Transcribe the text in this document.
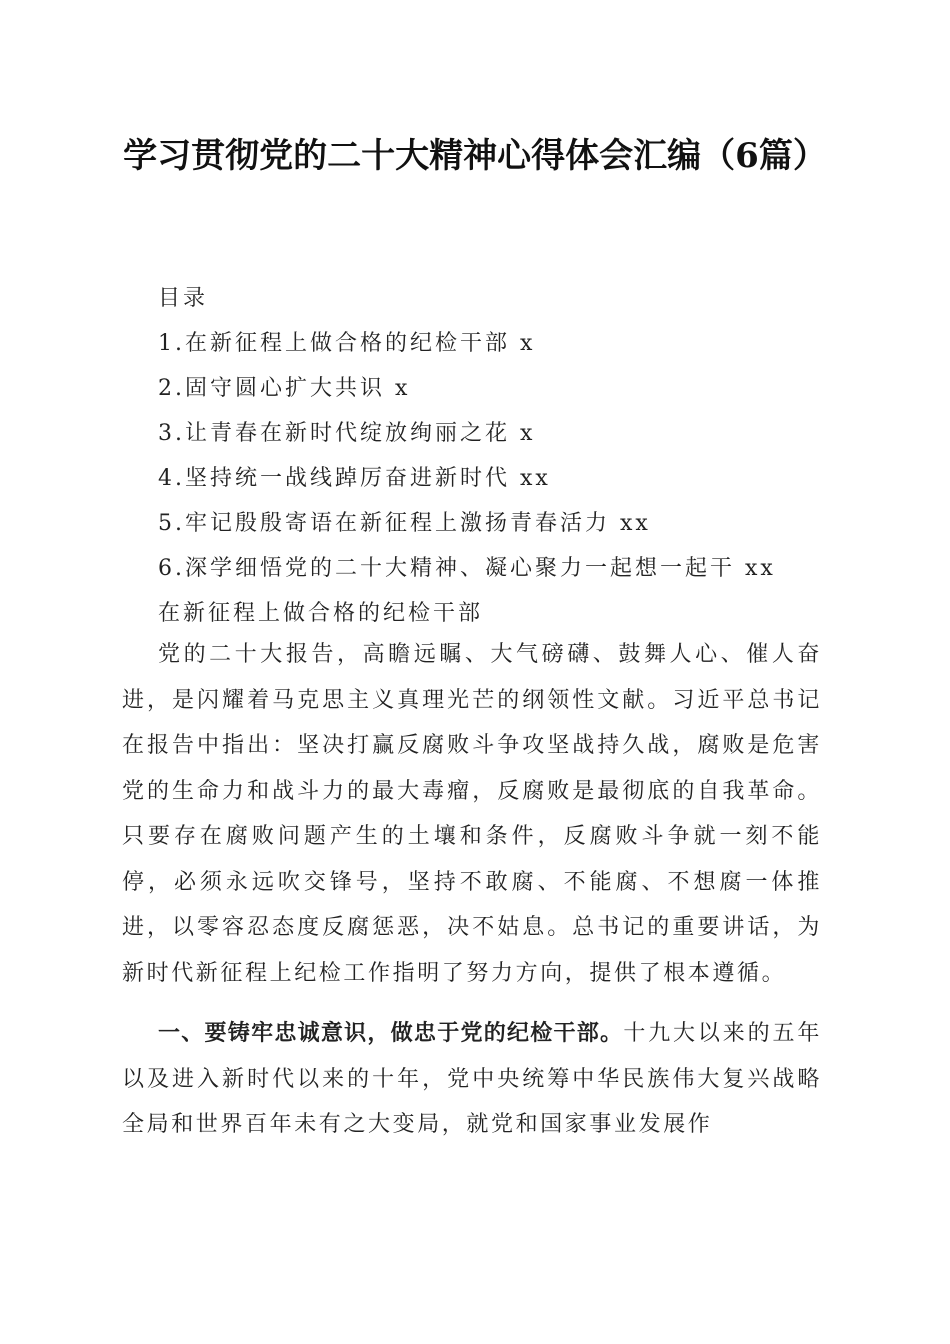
学习贯彻党的二十大精神心得体会汇编（6篇）
目录
1.在新征程上做合格的纪检干部 x
2.固守圆心扩大共识 x
3.让青春在新时代绽放绚丽之花 x
4.坚持统一战线踔厉奋进新时代 xx
5.牢记殷殷寄语在新征程上激扬青春活力 xx
6.深学细悟党的二十大精神、凝心聚力一起想一起干 xx
在新征程上做合格的纪检干部

党的二十大报告，高瞻远瞩、大气磅礴、鼓舞人心、催人奋进，是闪耀着马克思主义真理光芒的纲领性文献。习近平总书记在报告中指出：坚决打赢反腐败斗争攻坚战持久战，腐败是危害党的生命力和战斗力的最大毒瘤，反腐败是最彻底的自我革命。只要存在腐败问题产生的土壤和条件，反腐败斗争就一刻不能停，必须永远吹交锋号，坚持不敢腐、不能腐、不想腐一体推进，以零容忍态度反腐惩恶，决不姑息。总书记的重要讲话，为新时代新征程上纪检工作指明了努力方向，提供了根本遵循。

一、要铸牢忠诚意识，做忠于党的纪检干部。十九大以来的五年以及进入新时代以来的十年，党中央统筹中华民族伟大复兴战略全局和世界百年未有之大变局，就党和国家事业发展作
